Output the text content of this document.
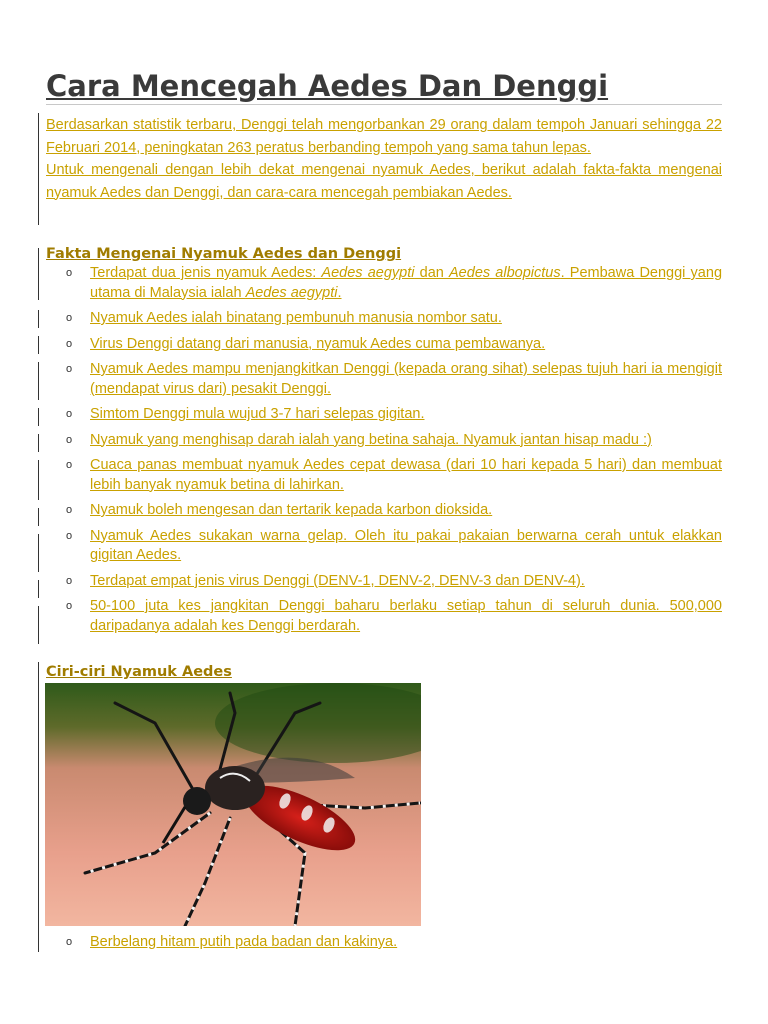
Cara Mencegah Aedes Dan Denggi

Berdasarkan statistik terbaru, Denggi telah mengorbankan 29 orang dalam tempoh Januari sehingga 22 Februari 2014, peningkatan 263 peratus berbanding tempoh yang sama tahun lepas.

Untuk mengenali dengan lebih dekat mengenai nyamuk Aedes, berikut adalah fakta-fakta mengenai nyamuk Aedes dan Denggi, dan cara-cara mencegah pembiakan Aedes.

Fakta Mengenai Nyamuk Aedes dan Denggi
o Terdapat dua jenis nyamuk Aedes: Aedes aegypti dan Aedes albopictus. Pembawa Denggi yang utama di Malaysia ialah Aedes aegypti.
o Nyamuk Aedes ialah binatang pembunuh manusia nombor satu.
o Virus Denggi datang dari manusia, nyamuk Aedes cuma pembawanya.
o Nyamuk Aedes mampu menjangkitkan Denggi (kepada orang sihat) selepas tujuh hari ia mengigit (mendapat virus dari) pesakit Denggi.
o Simtom Denggi mula wujud 3-7 hari selepas gigitan.
o Nyamuk yang menghisap darah ialah yang betina sahaja. Nyamuk jantan hisap madu :)
o Cuaca panas membuat nyamuk Aedes cepat dewasa (dari 10 hari kepada 5 hari) dan membuat lebih banyak nyamuk betina di lahirkan.
o Nyamuk boleh mengesan dan tertarik kepada karbon dioksida.
o Nyamuk Aedes sukakan warna gelap. Oleh itu pakai pakaian berwarna cerah untuk elakkan gigitan Aedes.
o Terdapat empat jenis virus Denggi (DENV-1, DENV-2, DENV-3 dan DENV-4).
o 50-100 juta kes jangkitan Denggi baharu berlaku setiap tahun di seluruh dunia. 500,000 daripadanya adalah kes Denggi berdarah.
Ciri-ciri Nyamuk Aedes
o Berbelang hitam putih pada badan dan kakinya.
